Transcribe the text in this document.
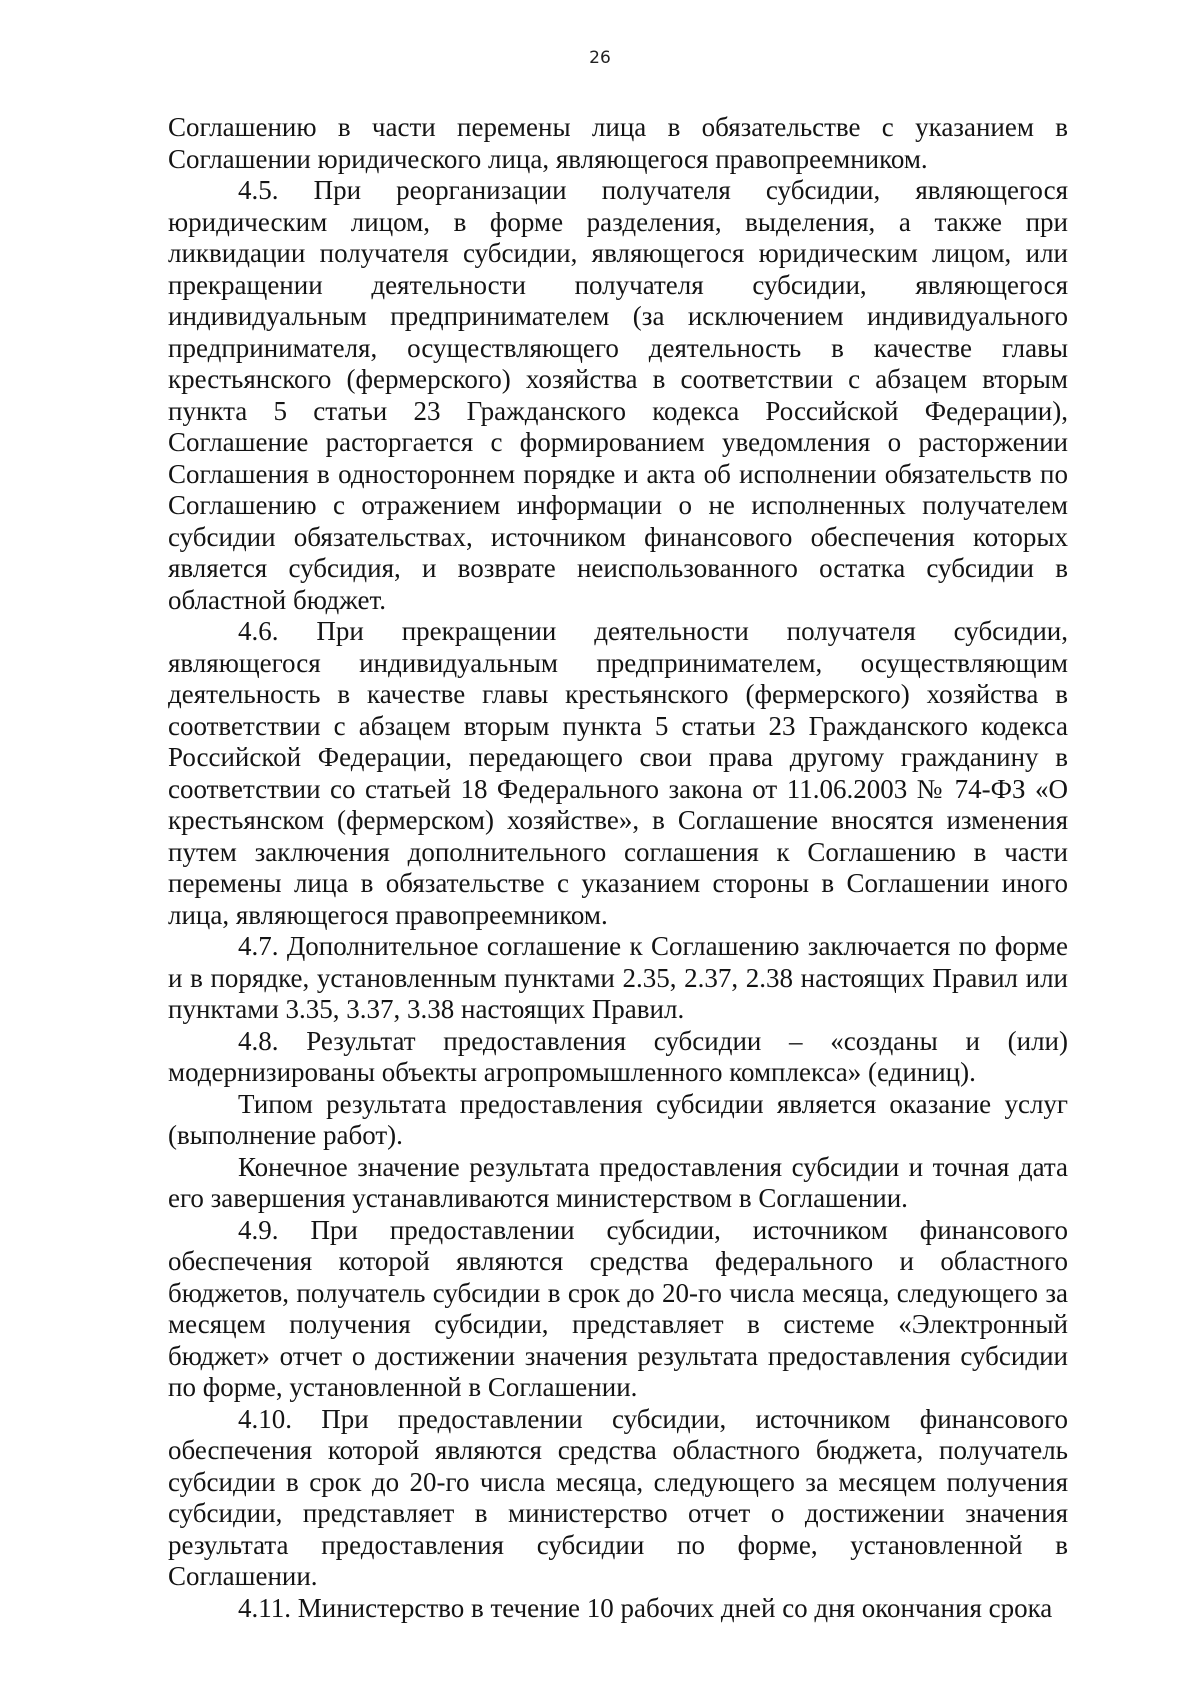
26

Соглашению в части перемены лица в обязательстве с указанием в Соглашении юридического лица, являющегося правопреемником.

4.5. При реорганизации получателя субсидии, являющегося юридическим лицом, в форме разделения, выделения, а также при ликвидации получателя субсидии, являющегося юридическим лицом, или прекращении деятельности получателя субсидии, являющегося индивидуальным предпринимателем (за исключением индивидуального предпринимателя, осуществляющего деятельность в качестве главы крестьянского (фермерского) хозяйства в соответствии с абзацем вторым пункта 5 статьи 23 Гражданского кодекса Российской Федерации), Соглашение расторгается с формированием уведомления о расторжении Соглашения в одностороннем порядке и акта об исполнении обязательств по Соглашению с отражением информации о не исполненных получателем субсидии обязательствах, источником финансового обеспечения которых является субсидия, и возврате неиспользованного остатка субсидии в областной бюджет.

4.6. При прекращении деятельности получателя субсидии, являющегося индивидуальным предпринимателем, осуществляющим деятельность в качестве главы крестьянского (фермерского) хозяйства в соответствии с абзацем вторым пункта 5 статьи 23 Гражданского кодекса Российской Федерации, передающего свои права другому гражданину в соответствии со статьей 18 Федерального закона от 11.06.2003 № 74-ФЗ «О крестьянском (фермерском) хозяйстве», в Соглашение вносятся изменения путем заключения дополнительного соглашения к Соглашению в части перемены лица в обязательстве с указанием стороны в Соглашении иного лица, являющегося правопреемником.

4.7. Дополнительное соглашение к Соглашению заключается по форме и в порядке, установленным пунктами 2.35, 2.37, 2.38 настоящих Правил или пунктами 3.35, 3.37, 3.38 настоящих Правил.

4.8. Результат предоставления субсидии – «созданы и (или) модернизированы объекты агропромышленного комплекса» (единиц).

Типом результата предоставления субсидии является оказание услуг (выполнение работ).

Конечное значение результата предоставления субсидии и точная дата его завершения устанавливаются министерством в Соглашении.

4.9. При предоставлении субсидии, источником финансового обеспечения которой являются средства федерального и областного бюджетов, получатель субсидии в срок до 20-го числа месяца, следующего за месяцем получения субсидии, представляет в системе «Электронный бюджет» отчет о достижении значения результата предоставления субсидии по форме, установленной в Соглашении.

4.10. При предоставлении субсидии, источником финансового обеспечения которой являются средства областного бюджета, получатель субсидии в срок до 20-го числа месяца, следующего за месяцем получения субсидии, представляет в министерство отчет о достижении значения результата предоставления субсидии по форме, установленной в Соглашении.

4.11. Министерство в течение 10 рабочих дней со дня окончания срока
